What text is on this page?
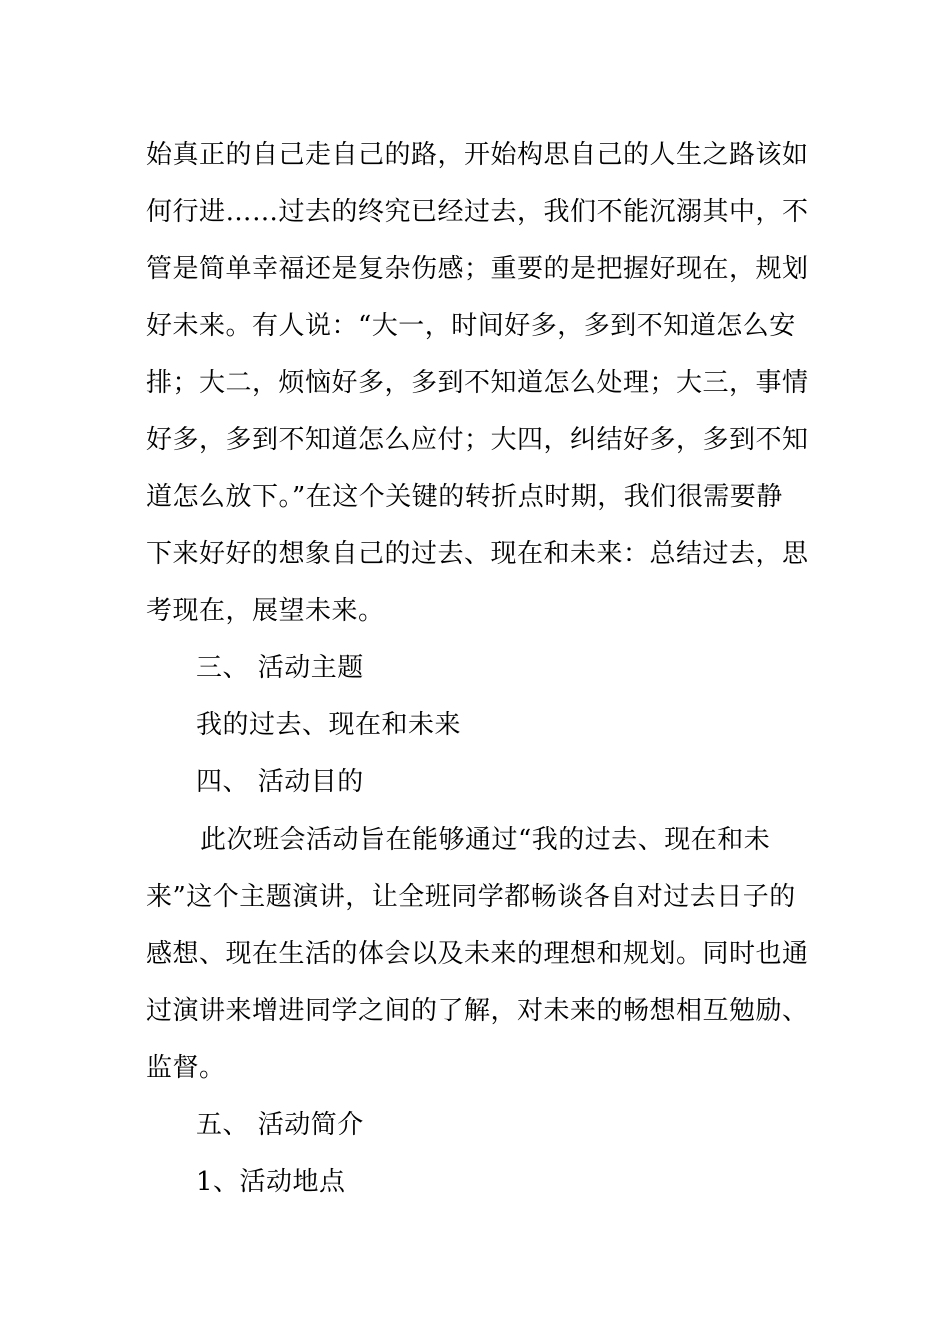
始真正的自己走自己的路，开始构思自己的人生之路该如
何行进……过去的终究已经过去，我们不能沉溺其中，不
管是简单幸福还是复杂伤感；重要的是把握好现在，规划
好未来。有人说：“大一，时间好多，多到不知道怎么安
排；大二，烦恼好多，多到不知道怎么处理；大三，事情
好多，多到不知道怎么应付；大四，纠结好多，多到不知
道怎么放下。”在这个关键的转折点时期，我们很需要静
下来好好的想象自己的过去、现在和未来：总结过去，思
考现在，展望未来。
三、 活动主题
我的过去、现在和未来
四、 活动目的
此次班会活动旨在能够通过“我的过去、现在和未
来”这个主题演讲，让全班同学都畅谈各自对过去日子的
感想、现在生活的体会以及未来的理想和规划。同时也通
过演讲来增进同学之间的了解，对未来的畅想相互勉励、
监督。
五、 活动简介
1、活动地点
